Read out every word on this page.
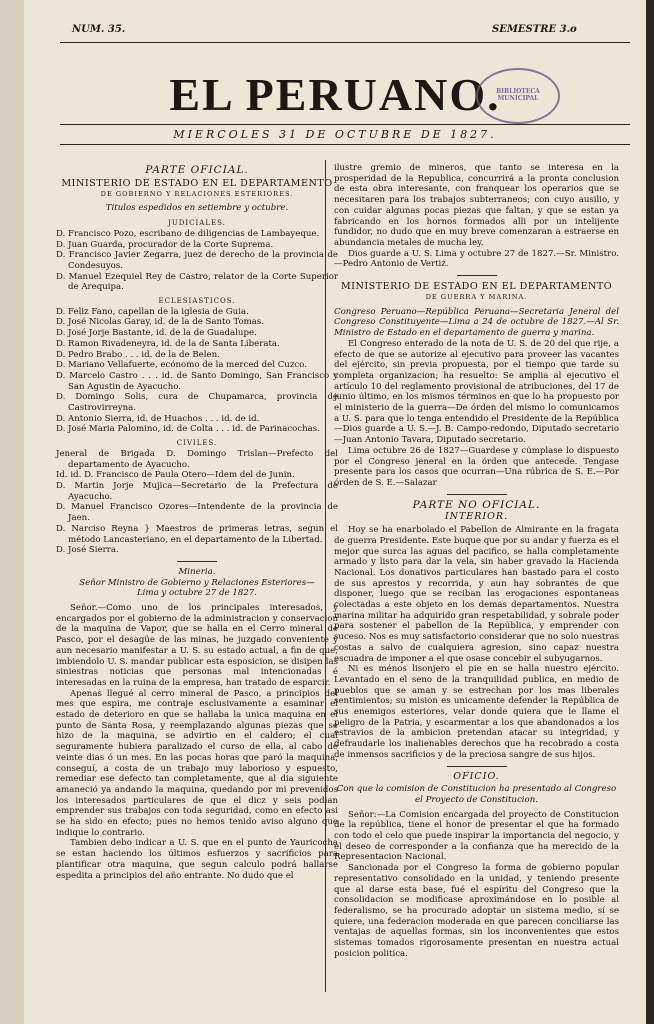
NUM. 35.	SEMESTRE 3.o
EL PERUANO.
BIBLIOTECA MUNICIPAL
MIERCOLES 31 DE OCTUBRE DE 1827.
PARTE OFICIAL.
MINISTERIO DE ESTADO EN EL DEPARTAMENTO
DE GOBIERNO Y RELACIONES ESTERIORES.
Titulos espedidos en setiembre y octubre.
JUDICIALES.
D. Francisco Pozo, escribano de diligencias de Lambayeque.
D. Juan Guarda, procurador de la Corte Suprema.
D. Francisco Javier Zegarra, juez de derecho de la provincia de Condesuyos.
D. Manuel Ezequiel Rey de Castro, relator de la Corte Superior de Arequipa.
ECLESIASTICOS.
D. Feliz Fano, capellan de la iglesia de Guia.
D. José Nicolas Garay, id. de la de Santo Tomas.
D. José Jorje Bastante, id. de la de Guadalupe.
D. Ramon Rivadeneyra, id. de la de Santa Liberata.
D. Pedro Brabo . . . id. de la de Belen.
D. Mariano Vellafuerte, ecónomo de la merced del Cuzco.
D. Marcelo Castro . . . id. de Santo Domingo, San Francisco y San Agustin de Ayacucho.
D. Domingo Solis, cura de Chupamarca, provincia de Castrovirreyna.
D. Antonio Sierra, id. de Huachos . . . id. de id.
D. José Maria Palomino, id. de Colta . . . id. de Parinacochas.
CIVILES.
Jeneral de Brigada D. Domingo Trislan—Prefecto del departamento de Ayacucho.
Id. id. D. Francisco de Paula Otero—Idem del de Junin.
D. Martin Jorje Mujica—Secretario de la Prefectura de Ayacucho.
D. Manuel Francisco Ozores—Intendente de la provincia de Jaen.
D. Narciso Reyna } Maestros de primeras letras, segun el método Lancasteriano, en el departamento de la Libertad.
D. José Sierra.
Mineria.
Señor Ministro de Gobierno y Relaciones Esteriores—Lima y octubre 27 de 1827.

Señor.—Como uno de los principales interesados, y encargados por el gobierno de la administracion y conservacion de la maquina de Vapor, que se halla en el Cerro mineral de Pasco, por el desagüe de las minas, he juzgado conveniente y aun necesario manifestar a U. S. su estado actual, a fin de que, imbiendolo U. S. mandar publicar esta esposicion, se disipen las siniestras noticias que personas mal intencionadas é interesadas en la ruina de la empresa, han tratado de esparcir.

Apenas llegué al cerro mineral de Pasco, a principios del mes que espira, me contraje esclusivamente a esaminar el estado de deterioro en que se hallaba la unica maquina en el punto de Santa Rosa, y reemplazando algunas piezas que se hizo de la maquina, se advirtio en el caldero; el cual seguramente hubiera paralizado el curso de ella, al cabo de veinte dias ó un mes. En las pocas horas que paró la maquina, conseguí, a costa de un trabajo muy laborioso y espuesto, remediar ese defecto tan completamente, que al dia siguiente amaneció ya andando la maquina, quedando por mi prevenidos los interesados particulares de que el dicz y seis podian emprender sus trabajos con toda seguridad, como en efecto asi se ha sido en efecto; pues no hemos tenido aviso alguno que indique lo contrario.

Tambien debo indicar a U. S. que en el punto de Yauricocha se estan haciendo los últimos esfuerzos y sacrificios para plantificar otra maquina, que segun calculo podrá hallarse espedita a principios del año entrante. No dudo que el

ilustre gremio de mineros, que tanto se interesa en la prosperidad de la Republica, concurrirá a la pronta conclusion de esta obra interesante, con franquear los operarios que se necesitaren para los trabajos subterraneos; con cuyo ausilio, y con cuidar algunas pocas piezas que faltan, y que se estan ya fabricando en los hornos formados alli por un intelijente fundidor, no dudo que en muy breve comenzaran a estraerse en abundancia metales de mucha ley.

Dios guarde a U. S. Lima y octubre 27 de 1827.—Sr. Ministro.—Pedro Antonio de Vertiz.
MINISTERIO DE ESTADO EN EL DEPARTAMENTO
DE GUERRA Y MARINA.
Congreso Peruano—República Peruana—Secretaria Jeneral del Congreso Constituyente—Lima a 24 de octubre de 1827.—Al Sr. Ministro de Estado en el departamento de guerra y marina.

El Congreso enterado de la nota de U. S. de 20 del que rije, a efecto de que se autorize al ejecutivo para proveer las vacantes del ejército, sin previa propuesta, por el tiempo que tarde su completa organizacion; ha resuelto: Se amplia al ejecutivo el artículo 10 del reglamento provisional de atribuciones, del 17 de junio último, en los mismos términos en que lo ha propuesto por el ministerio de la guerra—De órden del mismo lo comunicamos a U. S. para que lo tenga entendido el Presidente de la República—Dios guarde a U. S.—J. B. Campo-redondo, Diputado secretario—Juan Antonio Tavara, Diputado secretario.

Lima octubre 26 de 1827—Guardese y cúmplase lo dispuesto por el Congreso jeneral en la órden que antecede. Tengase presente para los casos que ocurran—Una rúbrica de S. E.—Por órden de S. E.—Salazar

PARTE NO OFICIAL.
INTERIOR.

Hoy se ha enarbolado el Pabellon de Almirante en la fragata de guerra Presidente. Este buque que por su andar y fuerza es el mejor que surca las aguas del pacifico, se halla completamente armado y listo para dar la vela, sin haber gravado la Hacienda Nacional. Los donativos particulares han bastado para el costo de sus aprestos y recorrida, y aun hay sobrantes de que disponer, luego que se reciban las erogaciones espontaneas colectadas a este objeto en los demas departamentos. Nuestra marina militar ha adquirido gran respetabilidad, y sobrale poder para sostener el pabellon de la República, y emprender con suceso. Nos es muy satisfactorio considerar que no solo nuestras costas a salvo de cualquiera agresion, sino capaz nuestra escuadra de imponer a el que osase concebir el subyugarnos.

Ni es ménos lisonjero el pie en se halla nuestro ejército. Levantado en el seno de la tranquilidad publica, en medio de pueblos que se aman y se estrechan por los mas liberales sentimientos; su mision es unicamente defender la República de sus enemigos esteriores, velar donde quiera que le llame el peligro de la Patria, y escarmentar a los que abandonados a los estravios de la ambicion pretendan atacar su integridad, y defraudarle los inalienables derechos que ha recobrado a costa de inmensos sacrificios y de la preciosa sangre de sus hijos.

OFICIO.
Con que la comision de Constitucion ha presentado al Congreso el Proyecto de Constitucion.

Señor:—La Comision encargada del proyecto de Constitucion de la república, tiene el honor de presentar el que ha formado con todo el celo que puede inspirar la importancia del negocio, y el deseo de corresponder a la confianza que ha merecido de la Representacion Nacional.

Sancionada por el Congreso la forma de gobierno popular representativo consolidado en la unidad, y teniendo presente que al darse esta base, fué el espíritu del Congreso que la consolidacion se modificase aproximándose en lo posible al federalismo, se ha procurado adoptar un sistema medio, sí se quiere, una federacion moderada en que parecen conciliarse las ventajas de aquellas formas, sin los inconvenientes que estos sistemas tomados rigorosamente presentan en nuestra actual posicion politica.
